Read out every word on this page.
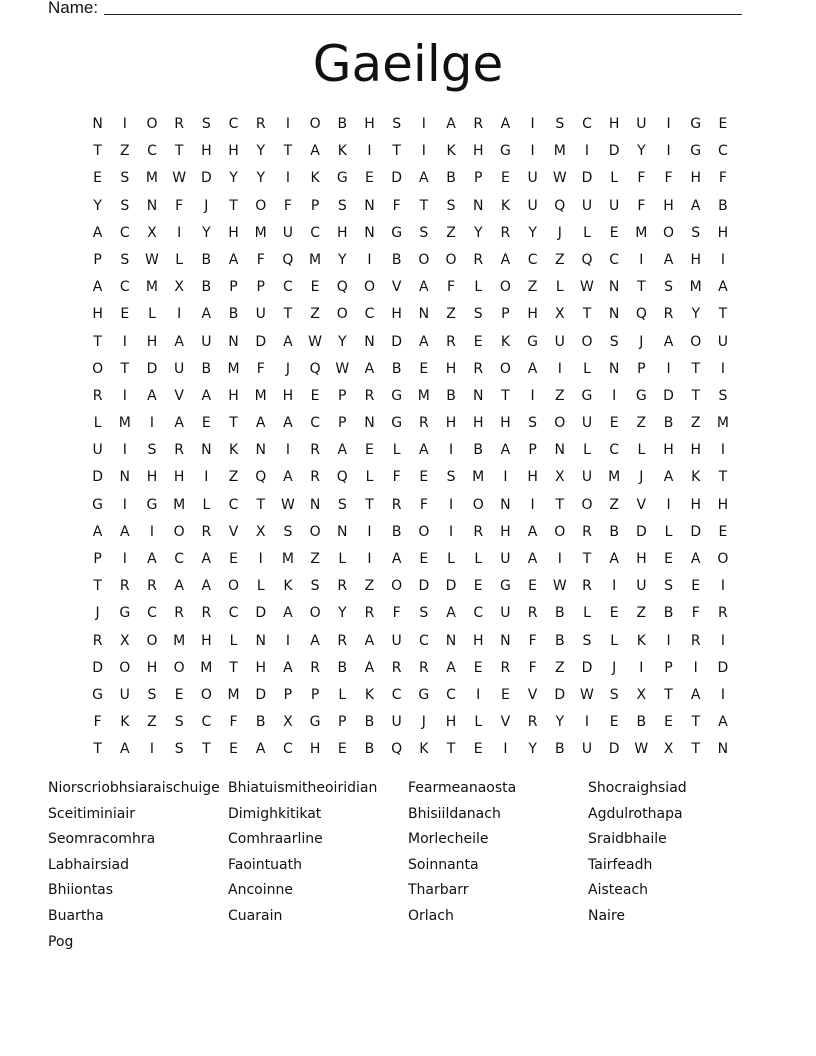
Name:
Gaeilge
N	I	O	R	S	C	R	I	O	B	H	S	I	A	R	A	I	S	C	H	U	I	G	E
T	Z	C	T	H	H	Y	T	A	K	I	T	I	K	H	G	I	M	I	D	Y	I	G	C
E	S	M	W	D	Y	Y	I	K	G	E	D	A	B	P	E	U	W	D	L	F	F	H	F
Y	S	N	F	J	T	O	F	P	S	N	F	T	S	N	K	U	Q	U	U	F	H	A	B
A	C	X	I	Y	H	M	U	C	H	N	G	S	Z	Y	R	Y	J	L	E	M	O	S	H
P	S	W	L	B	A	F	Q	M	Y	I	B	O	O	R	A	C	Z	Q	C	I	A	H	I
A	C	M	X	B	P	P	C	E	Q	O	V	A	F	L	O	Z	L	W	N	T	S	M	A
H	E	L	I	A	B	U	T	Z	O	C	H	N	Z	S	P	H	X	T	N	Q	R	Y	T
T	I	H	A	U	N	D	A	W	Y	N	D	A	R	E	K	G	U	O	S	J	A	O	U
O	T	D	U	B	M	F	J	Q	W	A	B	E	H	R	O	A	I	L	N	P	I	T	I
R	I	A	V	A	H	M	H	E	P	R	G	M	B	N	T	I	Z	G	I	G	D	T	S
L	M	I	A	E	T	A	A	C	P	N	G	R	H	H	H	S	O	U	E	Z	B	Z	M
U	I	S	R	N	K	N	I	R	A	E	L	A	I	B	A	P	N	L	C	L	H	H	I
D	N	H	H	I	Z	Q	A	R	Q	L	F	E	S	M	I	H	X	U	M	J	A	K	T
G	I	G	M	L	C	T	W	N	S	T	R	F	I	O	N	I	T	O	Z	V	I	H	H
A	A	I	O	R	V	X	S	O	N	I	B	O	I	R	H	A	O	R	B	D	L	D	E
P	I	A	C	A	E	I	M	Z	L	I	A	E	L	L	U	A	I	T	A	H	E	A	O
T	R	R	A	A	O	L	K	S	R	Z	O	D	D	E	G	E	W	R	I	U	S	E	I
J	G	C	R	R	C	D	A	O	Y	R	F	S	A	C	U	R	B	L	E	Z	B	F	R
R	X	O	M	H	L	N	I	A	R	A	U	C	N	H	N	F	B	S	L	K	I	R	I
D	O	H	O	M	T	H	A	R	B	A	R	R	A	E	R	F	Z	D	J	I	P	I	D
G	U	S	E	O	M	D	P	P	L	K	C	G	C	I	E	V	D	W	S	X	T	A	I
F	K	Z	S	C	F	B	X	G	P	B	U	J	H	L	V	R	Y	I	E	B	E	T	A
T	A	I	S	T	E	A	C	H	E	B	Q	K	T	E	I	Y	B	U	D	W	X	T	N
Niorscriobhsiaraischuige Bhiatuismitheoiridian	Fearmeanaosta	Shocraighsiad
Sceitiminiair	Dimighkitikat	Bhisiildanach	Agdulrothapa
Seomracomhra	Comhraarline	Morlecheile	Sraidbhaile
Labhairsiad	Faointuath	Soinnanta	Tairfeadh
Bhiiontas	Ancoinne	Tharbarr	Aisteach
Buartha	Cuarain	Orlach	Naire
Pog
